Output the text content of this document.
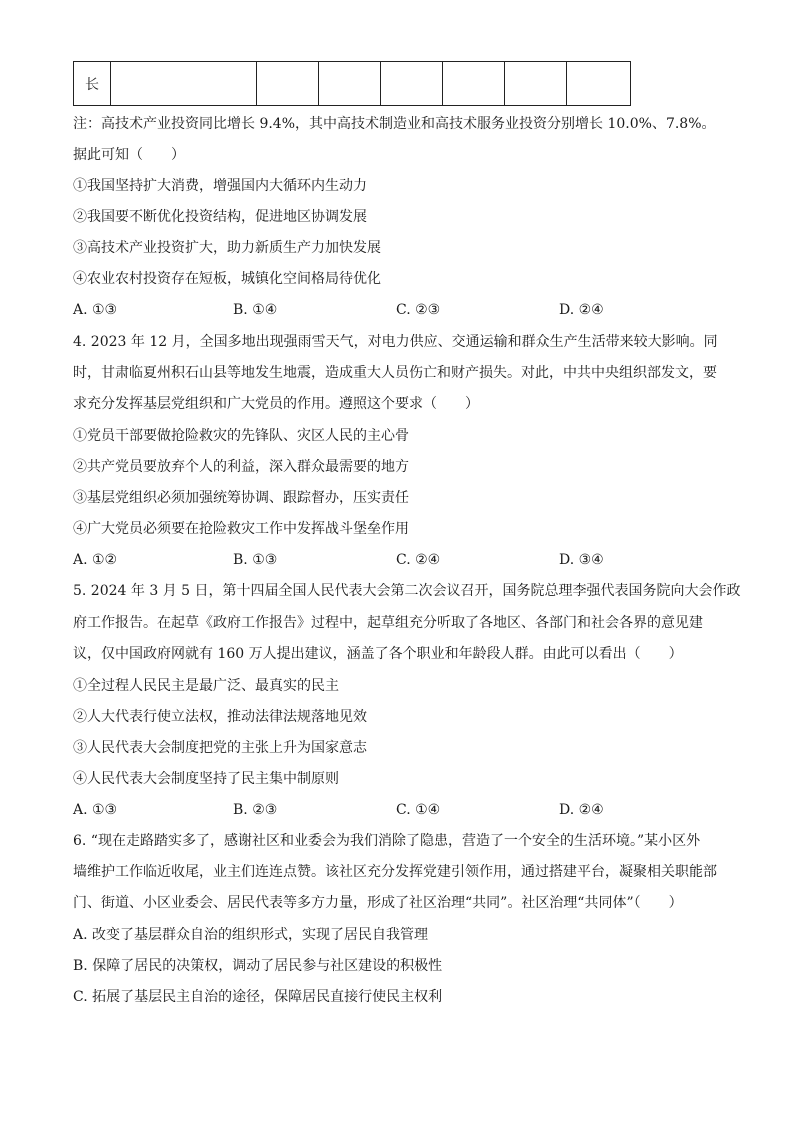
长							
注：高技术产业投资同比增长 9.4%，其中高技术制造业和高技术服务业投资分别增长 10.0%、7.8%。
据此可知（　　）
①我国坚持扩大消费，增强国内大循环内生动力
②我国要不断优化投资结构，促进地区协调发展
③高技术产业投资扩大，助力新质生产力加快发展
④农业农村投资存在短板，城镇化空间格局待优化
A. ①③	B. ①④	C. ②③	D. ②④
4. 2023 年 12 月，全国多地出现强雨雪天气，对电力供应、交通运输和群众生产生活带来较大影响。同
时，甘肃临夏州积石山县等地发生地震，造成重大人员伤亡和财产损失。对此，中共中央组织部发文，要
求充分发挥基层党组织和广大党员的作用。遵照这个要求（　　）
①党员干部要做抢险救灾的先锋队、灾区人民的主心骨
②共产党员要放弃个人的利益，深入群众最需要的地方
③基层党组织必须加强统筹协调、跟踪督办，压实责任
④广大党员必须要在抢险救灾工作中发挥战斗堡垒作用
A. ①②	B. ①③	C. ②④	D. ③④
5. 2024 年 3 月 5 日，第十四届全国人民代表大会第二次会议召开，国务院总理李强代表国务院向大会作政
府工作报告。在起草《政府工作报告》过程中，起草组充分听取了各地区、各部门和社会各界的意见建
议，仅中国政府网就有 160 万人提出建议，涵盖了各个职业和年龄段人群。由此可以看出（　　）
①全过程人民民主是最广泛、最真实的民主
②人大代表行使立法权，推动法律法规落地见效
③人民代表大会制度把党的主张上升为国家意志
④人民代表大会制度坚持了民主集中制原则
A. ①③	B. ②③	C. ①④	D. ②④
6. “现在走路踏实多了，感谢社区和业委会为我们消除了隐患，营造了一个安全的生活环境。”某小区外
墙维护工作临近收尾，业主们连连点赞。该社区充分发挥党建引领作用，通过搭建平台，凝聚相关职能部
门、街道、小区业委会、居民代表等多方力量，形成了社区治理“共同”。社区治理“共同体”（　　）
A. 改变了基层群众自治的组织形式，实现了居民自我管理
B. 保障了居民的决策权，调动了居民参与社区建设的积极性
C. 拓展了基层民主自治的途径，保障居民直接行使民主权利
